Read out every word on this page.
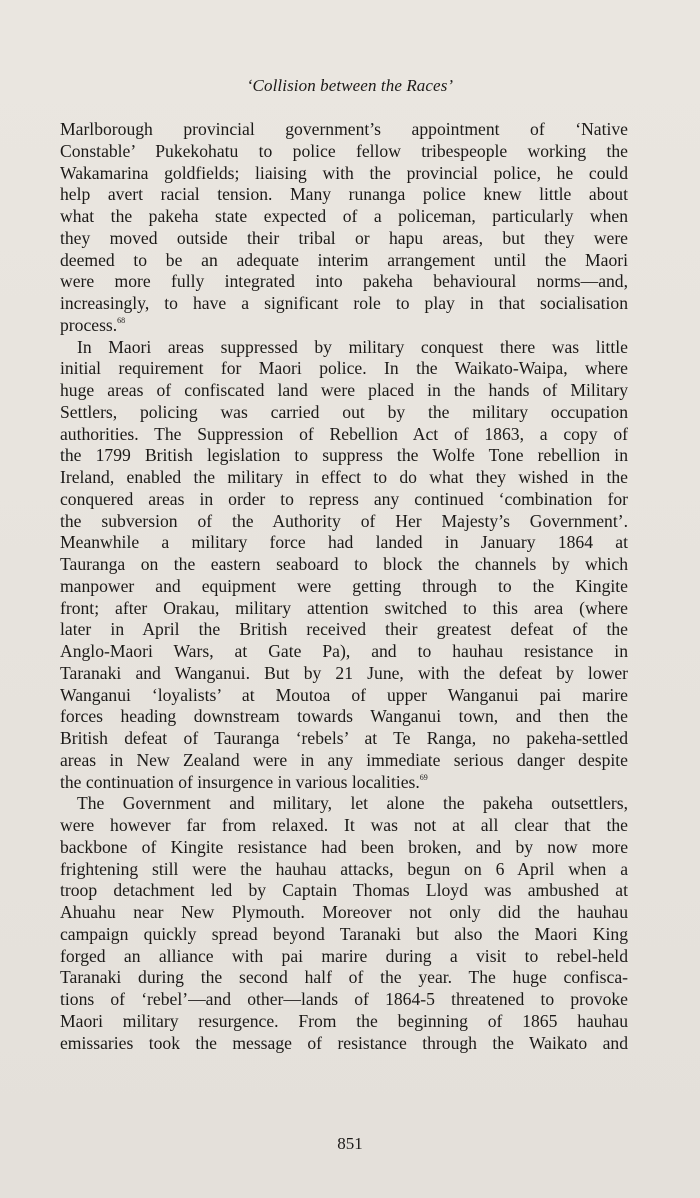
‘Collision between the Races’
Marlborough provincial government’s appointment of ‘Native
Constable’ Pukekohatu to police fellow tribespeople working the
Wakamarina goldfields; liaising with the provincial police, he could
help avert racial tension. Many runanga police knew little about
what the pakeha state expected of a policeman, particularly when
they moved outside their tribal or hapu areas, but they were
deemed to be an adequate interim arrangement until the Maori
were more fully integrated into pakeha behavioural norms—and,
increasingly, to have a significant role to play in that socialisation
process.$^{68}$
In Maori areas suppressed by military conquest there was little
initial requirement for Maori police. In the Waikato-Waipa, where
huge areas of confiscated land were placed in the hands of Military
Settlers, policing was carried out by the military occupation
authorities. The Suppression of Rebellion Act of 1863, a copy of
the 1799 British legislation to suppress the Wolfe Tone rebellion in
Ireland, enabled the military in effect to do what they wished in the
conquered areas in order to repress any continued ‘combination for
the subversion of the Authority of Her Majesty’s Government’.
Meanwhile a military force had landed in January 1864 at
Tauranga on the eastern seaboard to block the channels by which
manpower and equipment were getting through to the Kingite
front; after Orakau, military attention switched to this area (where
later in April the British received their greatest defeat of the
Anglo-Maori Wars, at Gate Pa), and to hauhau resistance in
Taranaki and Wanganui. But by 21 June, with the defeat by lower
Wanganui ‘loyalists’ at Moutoa of upper Wanganui pai marire
forces heading downstream towards Wanganui town, and then the
British defeat of Tauranga ‘rebels’ at Te Ranga, no pakeha-settled
areas in New Zealand were in any immediate serious danger despite
the continuation of insurgence in various localities.$^{69}$
The Government and military, let alone the pakeha outsettlers,
were however far from relaxed. It was not at all clear that the
backbone of Kingite resistance had been broken, and by now more
frightening still were the hauhau attacks, begun on 6 April when a
troop detachment led by Captain Thomas Lloyd was ambushed at
Ahuahu near New Plymouth. Moreover not only did the hauhau
campaign quickly spread beyond Taranaki but also the Maori King
forged an alliance with pai marire during a visit to rebel-held
Taranaki during the second half of the year. The huge confisca-
tions of ‘rebel’—and other—lands of 1864-5 threatened to provoke
Maori military resurgence. From the beginning of 1865 hauhau
emissaries took the message of resistance through the Waikato and
851
